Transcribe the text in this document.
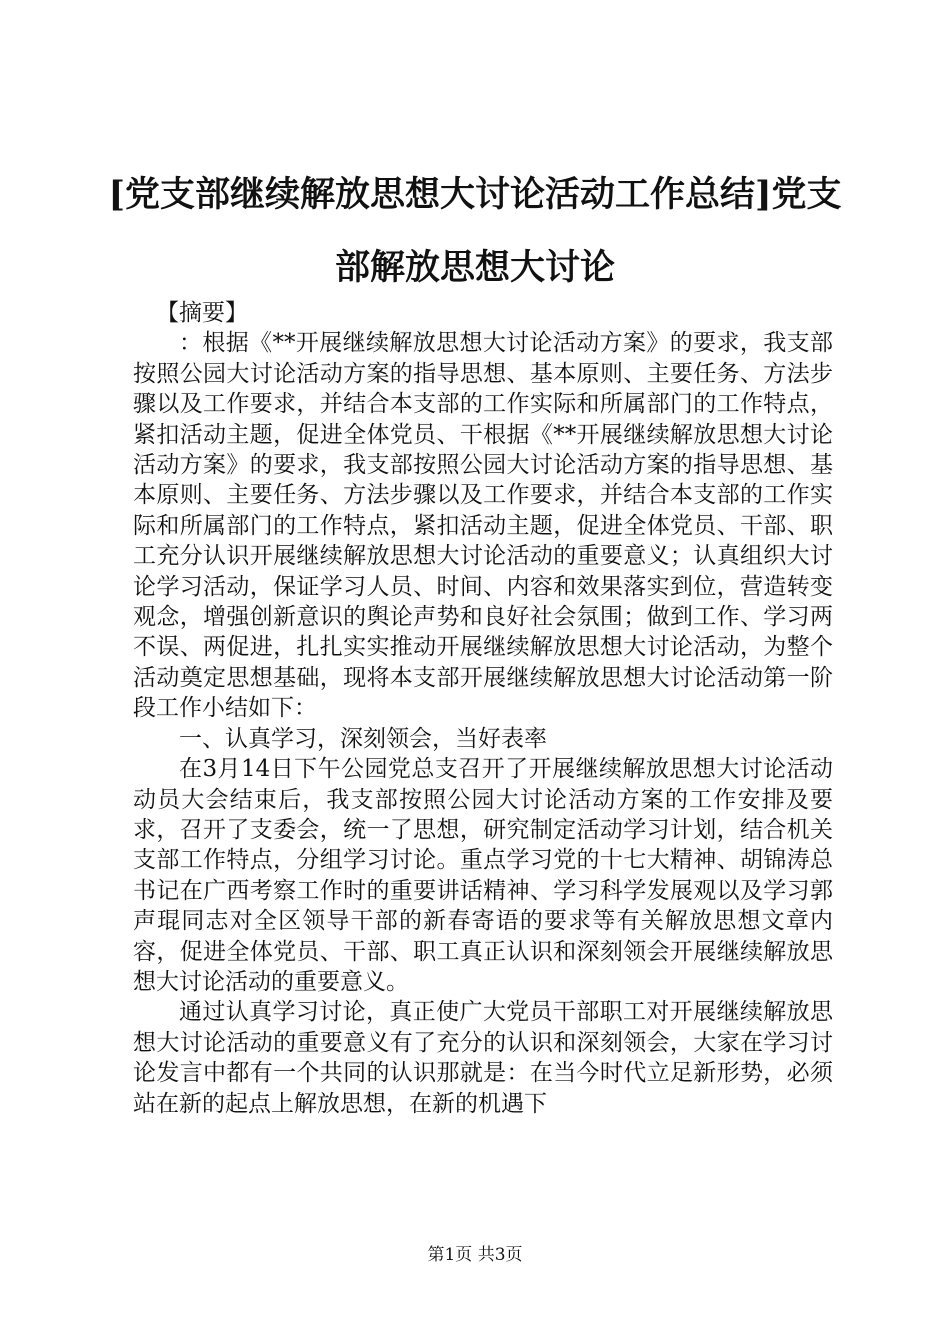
[党支部继续解放思想大讨论活动工作总结]党支部解放思想大讨论

【摘要】

：根据《**开展继续解放思想大讨论活动方案》的要求，我支部按照公园大讨论活动方案的指导思想、基本原则、主要任务、方法步骤以及工作要求，并结合本支部的工作实际和所属部门的工作特点，紧扣活动主题，促进全体党员、干根据《**开展继续解放思想大讨论活动方案》的要求，我支部按照公园大讨论活动方案的指导思想、基本原则、主要任务、方法步骤以及工作要求，并结合本支部的工作实际和所属部门的工作特点，紧扣活动主题，促进全体党员、干部、职工充分认识开展继续解放思想大讨论活动的重要意义；认真组织大讨论学习活动，保证学习人员、时间、内容和效果落实到位，营造转变观念，增强创新意识的舆论声势和良好社会氛围；做到工作、学习两不误、两促进，扎扎实实推动开展继续解放思想大讨论活动，为整个活动奠定思想基础，现将本支部开展继续解放思想大讨论活动第一阶段工作小结如下：

一、认真学习，深刻领会，当好表率

在3月14日下午公园党总支召开了开展继续解放思想大讨论活动动员大会结束后，我支部按照公园大讨论活动方案的工作安排及要求，召开了支委会，统一了思想，研究制定活动学习计划，结合机关支部工作特点，分组学习讨论。重点学习党的十七大精神、胡锦涛总书记在广西考察工作时的重要讲话精神、学习科学发展观以及学习郭声琨同志对全区领导干部的新春寄语的要求等有关解放思想文章内容，促进全体党员、干部、职工真正认识和深刻领会开展继续解放思想大讨论活动的重要意义。

通过认真学习讨论，真正使广大党员干部职工对开展继续解放思想大讨论活动的重要意义有了充分的认识和深刻领会，大家在学习讨论发言中都有一个共同的认识那就是：在当今时代立足新形势，必须站在新的起点上解放思想，在新的机遇下

第1页 共3页
